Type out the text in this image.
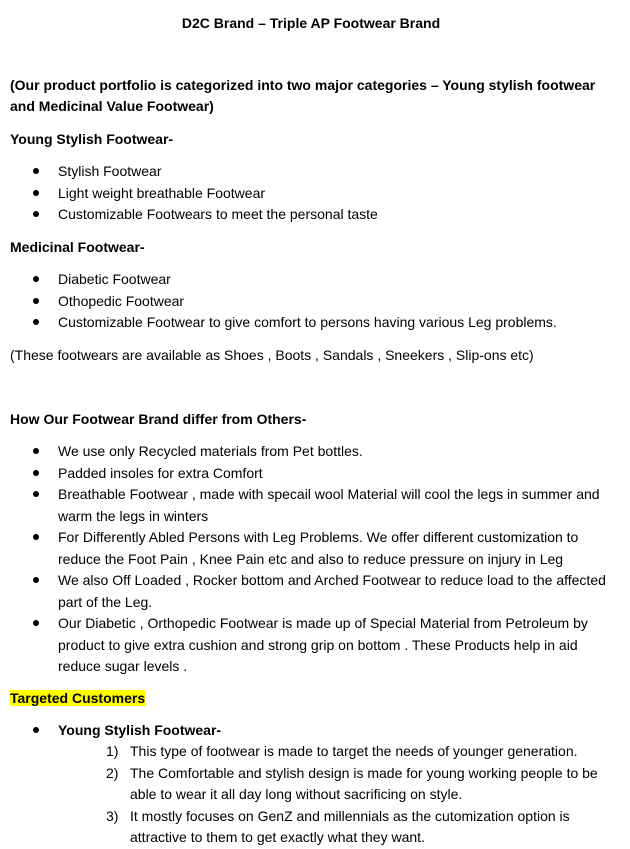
D2C Brand – Triple AP Footwear Brand
(Our product portfolio is categorized into two major categories – Young stylish footwear and Medicinal Value Footwear)
Young Stylish Footwear-
Stylish Footwear
Light weight breathable Footwear
Customizable Footwears to meet the personal taste
Medicinal Footwear-
Diabetic Footwear
Othopedic Footwear
Customizable Footwear to give comfort to persons having various Leg problems.
(These footwears are available as Shoes , Boots , Sandals , Sneekers , Slip-ons etc)
How Our Footwear Brand differ from Others-
We use only Recycled materials from Pet bottles.
Padded insoles for extra Comfort
Breathable Footwear , made with specail wool Material will cool the legs in summer and warm the legs in winters
For Differently Abled Persons with Leg Problems. We offer different customization to reduce the Foot Pain , Knee Pain etc and also to reduce pressure on injury in Leg
We also Off Loaded , Rocker bottom and Arched Footwear to reduce load to the affected part of the Leg.
Our Diabetic , Orthopedic Footwear is made up of Special Material from Petroleum by product to give extra cushion and strong grip on bottom . These Products help in aid reduce sugar levels .
Targeted Customers
Young Stylish Footwear-
1) This type of footwear is made to target the needs of younger generation.
2) The Comfortable and stylish design is made for young working people to be able to wear it all day long without sacrificing on style.
3) It mostly focuses on GenZ and millennials as the cutomization option is attractive to them to get exactly what they want.
